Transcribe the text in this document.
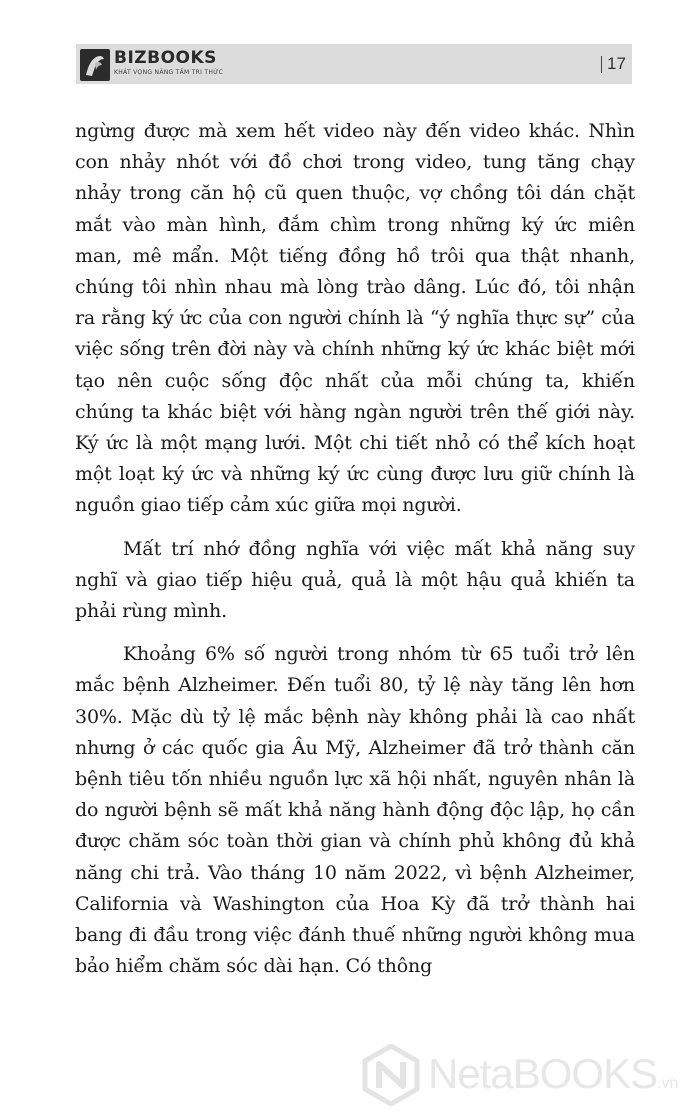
BIZBOOKS
KHÁT VỌNG NÂNG TẦM TRI THỨC	17

ngừng được mà xem hết video này đến video khác. Nhìn con nhảy nhót với đồ chơi trong video, tung tăng chạy nhảy trong căn hộ cũ quen thuộc, vợ chồng tôi dán chặt mắt vào màn hình, đắm chìm trong những ký ức miên man, mê mẩn. Một tiếng đồng hồ trôi qua thật nhanh, chúng tôi nhìn nhau mà lòng trào dâng. Lúc đó, tôi nhận ra rằng ký ức của con người chính là “ý nghĩa thực sự” của việc sống trên đời này và chính những ký ức khác biệt mới tạo nên cuộc sống độc nhất của mỗi chúng ta, khiến chúng ta khác biệt với hàng ngàn người trên thế giới này. Ký ức là một mạng lưới. Một chi tiết nhỏ có thể kích hoạt một loạt ký ức và những ký ức cùng được lưu giữ chính là nguồn giao tiếp cảm xúc giữa mọi người.

Mất trí nhớ đồng nghĩa với việc mất khả năng suy nghĩ và giao tiếp hiệu quả, quả là một hậu quả khiến ta phải rùng mình.

Khoảng 6% số người trong nhóm từ 65 tuổi trở lên mắc bệnh Alzheimer. Đến tuổi 80, tỷ lệ này tăng lên hơn 30%. Mặc dù tỷ lệ mắc bệnh này không phải là cao nhất nhưng ở các quốc gia Âu Mỹ, Alzheimer đã trở thành căn bệnh tiêu tốn nhiều nguồn lực xã hội nhất, nguyên nhân là do người bệnh sẽ mất khả năng hành động độc lập, họ cần được chăm sóc toàn thời gian và chính phủ không đủ khả năng chi trả. Vào tháng 10 năm 2022, vì bệnh Alzheimer, California và Washington của Hoa Kỳ đã trở thành hai bang đi đầu trong việc đánh thuế những người không mua bảo hiểm chăm sóc dài hạn. Có thông

NetaBOOKS.vn
